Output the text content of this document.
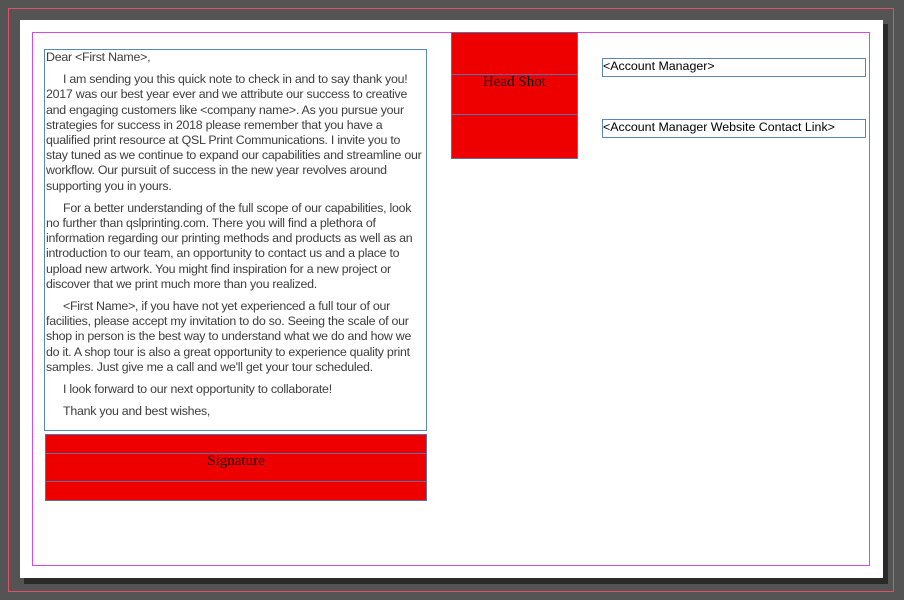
Dear <First Name>,

I am sending you this quick note to check in and to say thank you! 2017 was our best year ever and we attribute our success to creative and engaging customers like <company name>. As you pursue your strategies for success in 2018 please remember that you have a qualified print resource at QSL Print Communications. I invite you to stay tuned as we continue to expand our capabilities and streamline our workflow. Our pursuit of success in the new year revolves around supporting you in yours.

For a better understanding of the full scope of our capabilities, look no further than qslprinting.com. There you will find a plethora of information regarding our printing methods and products as well as an introduction to our team, an opportunity to contact us and a place to upload new artwork. You might find inspiration for a new project or discover that we print much more than you realized.

<First Name>, if you have not yet experienced a full tour of our facilities, please accept my invitation to do so. Seeing the scale of our shop in person is the best way to understand what we do and how we do it. A shop tour is also a great opportunity to experience quality print samples. Just give me a call and we'll get your tour scheduled.

I look forward to our next opportunity to collaborate!

Thank you and best wishes,

Head Shot
Signature
<Account Manager>
<Account Manager Website Contact Link>
